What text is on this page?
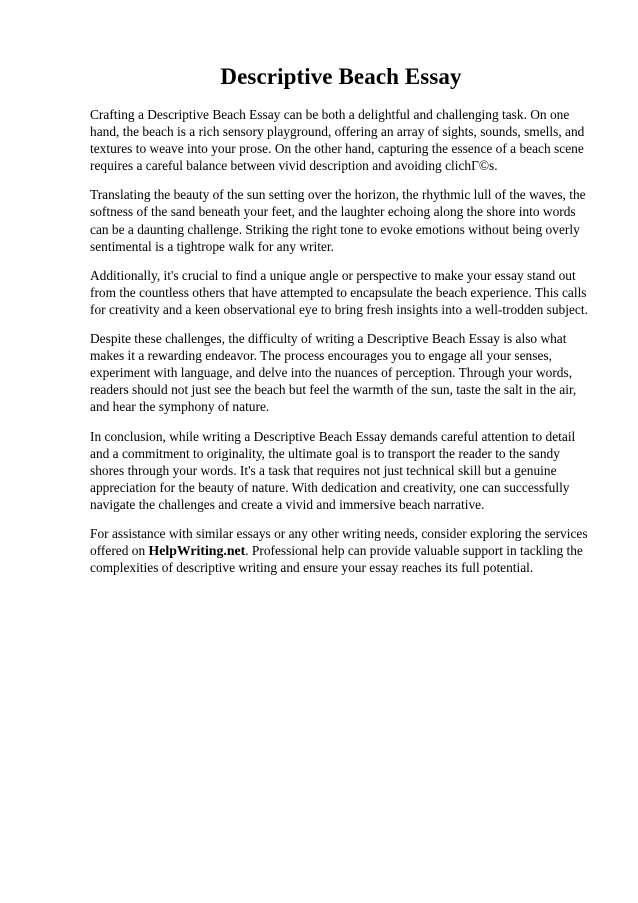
Descriptive Beach Essay

Crafting a Descriptive Beach Essay can be both a delightful and challenging task. On one hand, the beach is a rich sensory playground, offering an array of sights, sounds, smells, and textures to weave into your prose. On the other hand, capturing the essence of a beach scene requires a careful balance between vivid description and avoiding clichГ©s.

Translating the beauty of the sun setting over the horizon, the rhythmic lull of the waves, the softness of the sand beneath your feet, and the laughter echoing along the shore into words can be a daunting challenge. Striking the right tone to evoke emotions without being overly sentimental is a tightrope walk for any writer.

Additionally, it's crucial to find a unique angle or perspective to make your essay stand out from the countless others that have attempted to encapsulate the beach experience. This calls for creativity and a keen observational eye to bring fresh insights into a well-trodden subject.

Despite these challenges, the difficulty of writing a Descriptive Beach Essay is also what makes it a rewarding endeavor. The process encourages you to engage all your senses, experiment with language, and delve into the nuances of perception. Through your words, readers should not just see the beach but feel the warmth of the sun, taste the salt in the air, and hear the symphony of nature.

In conclusion, while writing a Descriptive Beach Essay demands careful attention to detail and a commitment to originality, the ultimate goal is to transport the reader to the sandy shores through your words. It's a task that requires not just technical skill but a genuine appreciation for the beauty of nature. With dedication and creativity, one can successfully navigate the challenges and create a vivid and immersive beach narrative.

For assistance with similar essays or any other writing needs, consider exploring the services offered on HelpWriting.net. Professional help can provide valuable support in tackling the complexities of descriptive writing and ensure your essay reaches its full potential.
